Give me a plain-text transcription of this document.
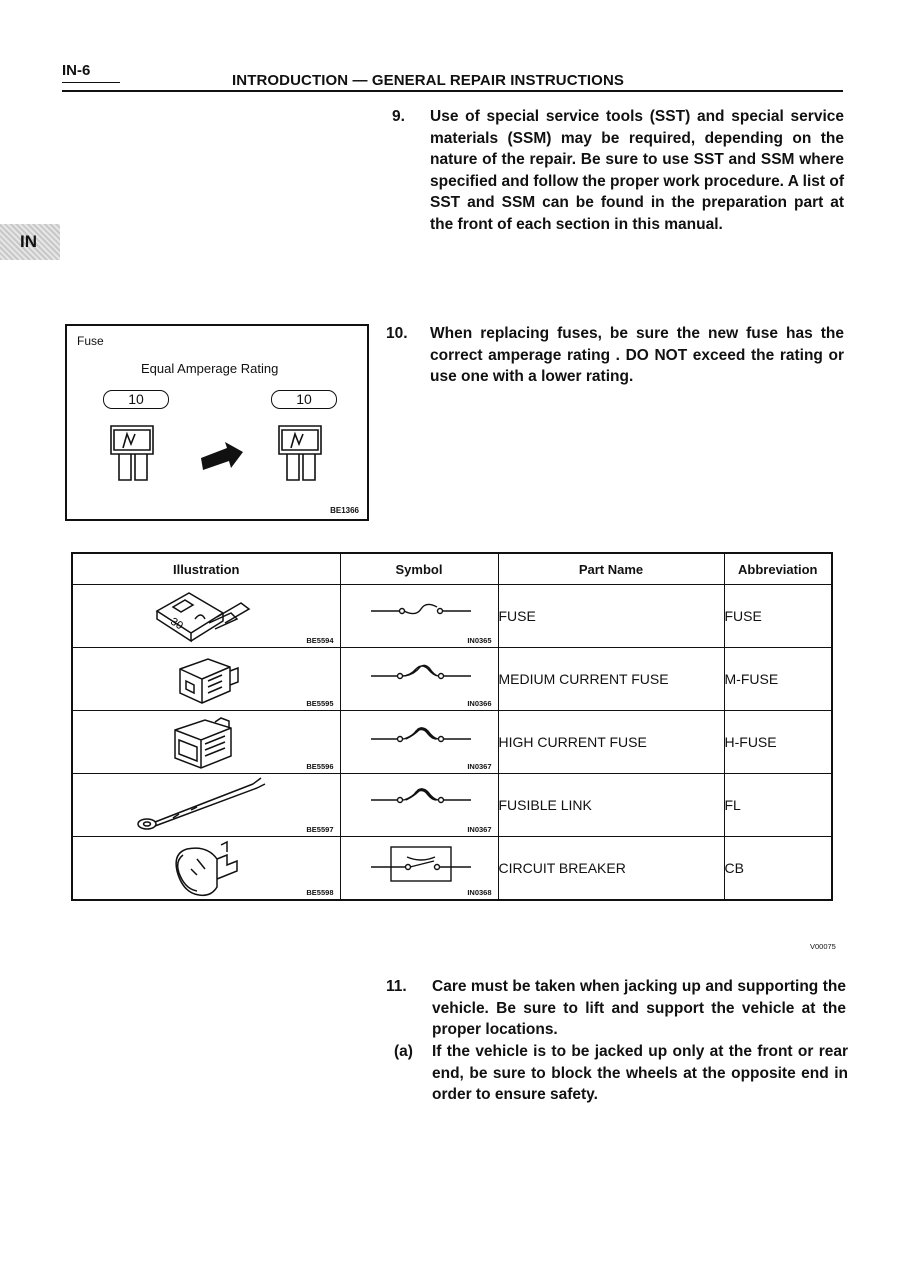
IN-6
INTRODUCTION — GENERAL REPAIR INSTRUCTIONS
IN
9. Use of special service tools (SST) and special service materials (SSM) may be required, depending on the nature of the repair. Be sure to use SST and SSM where specified and follow the proper work procedure. A list of SST and SSM can be found in the preparation part at the front of each section in this manual.
10. When replacing fuses, be sure the new fuse has the correct amperage rating . DO NOT exceed the rating or use one with a lower rating.
Fuse
Equal Amperage Rating
10	10
BE1366
Illustration	Symbol	Part Name	Abbreviation

30
BE5594	IN0365	FUSE	FUSE

BE5595	IN0366	MEDIUM CURRENT FUSE	M-FUSE

BE5596	IN0367	HIGH CURRENT FUSE	H-FUSE

BE5597	IN0367	FUSIBLE LINK	FL

BE5598	IN0368	CIRCUIT BREAKER	CB
V00075
11. Care must be taken when jacking up and supporting the vehicle. Be sure to lift and support the vehicle at the proper locations.
(a) If the vehicle is to be jacked up only at the front or rear end, be sure to block the wheels at the opposite end in order to ensure safety.
